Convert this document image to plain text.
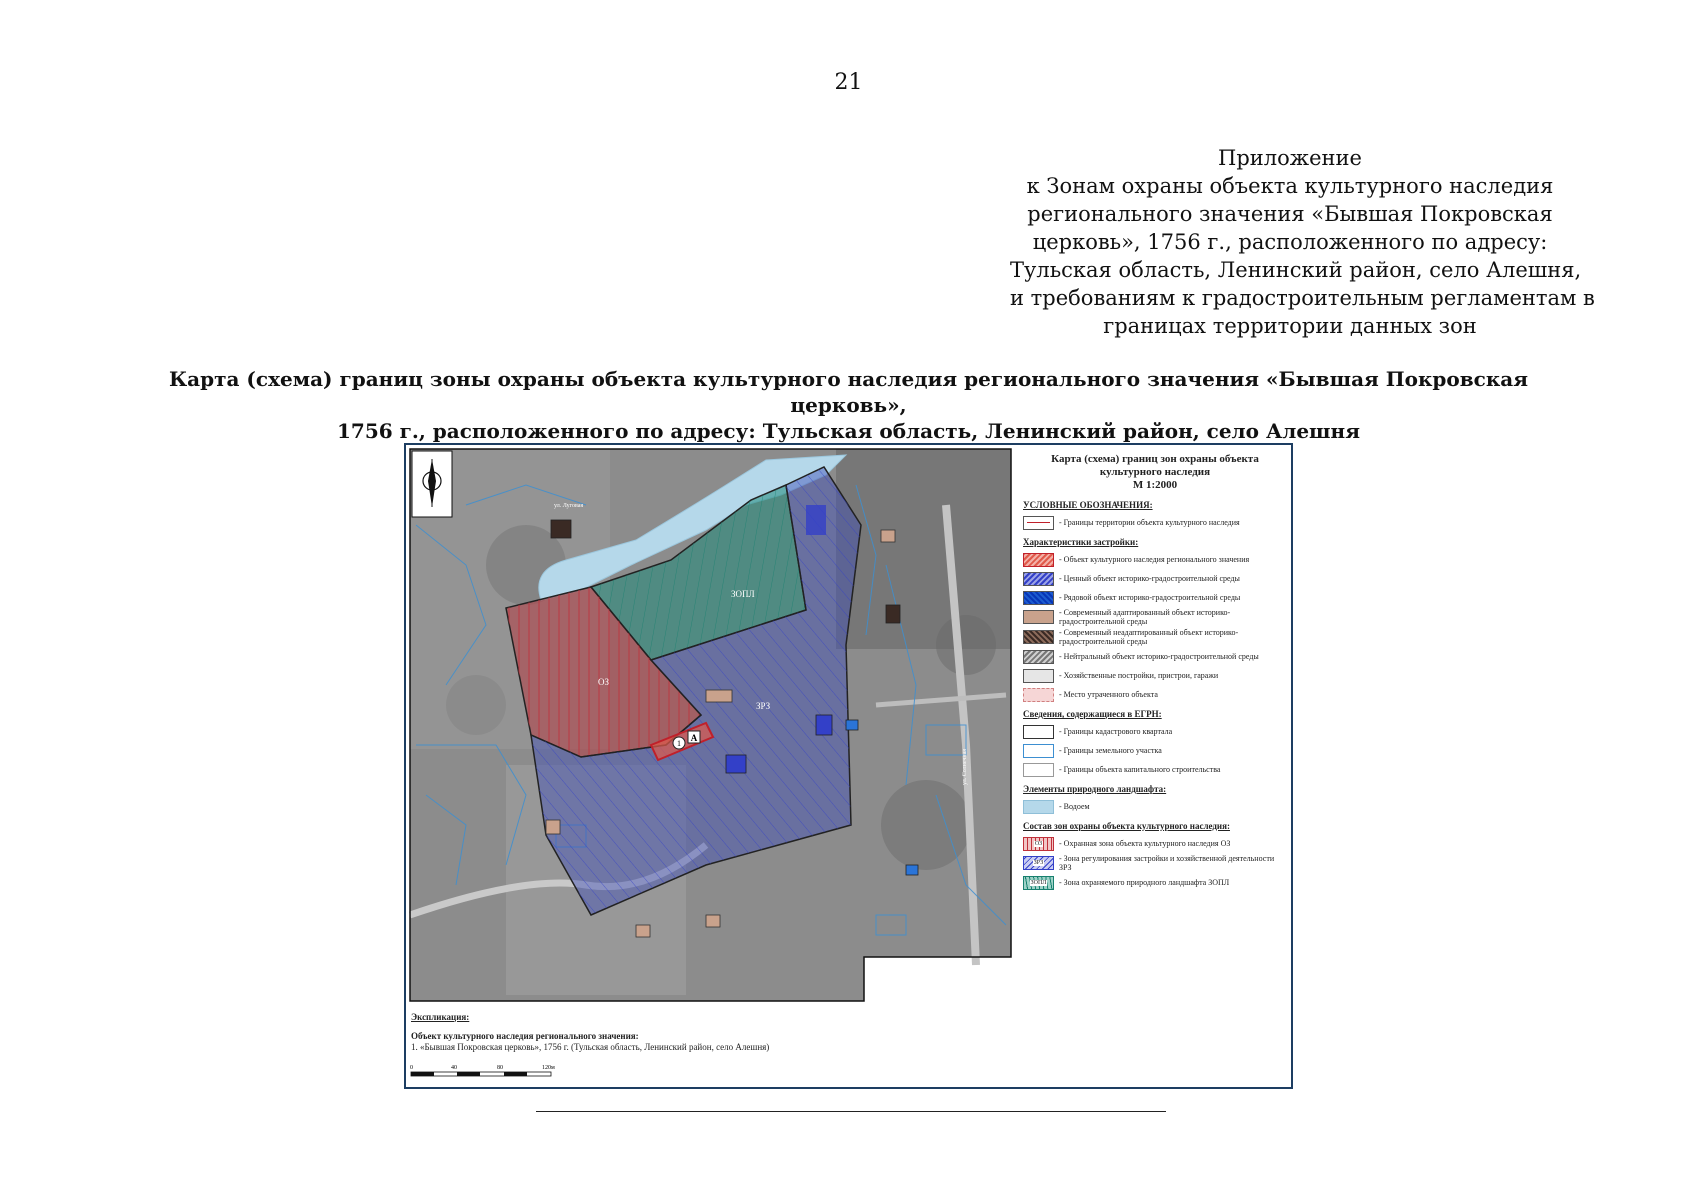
21
Приложение
к Зонам охраны объекта культурного наследия
регионального значения «Бывшая Покровская
церковь», 1756 г., расположенного по адресу:
Тульская область, Ленинский район, село Алешня,
и требованиям к градостроительным регламентам в
границах территории данных зон
Карта (схема) границ зоны охраны объекта культурного наследия регионального значения «Бывшая Покровская церковь»,
1756 г., расположенного по адресу: Тульская область, Ленинский район, село Алешня
1
А
ОЗ
ЗРЗ
ЗОПЛ
ул. Луговая
ул. Солнечная
Карта (схема) границ зон охраны объекта
культурного наследия
М 1:2000
УСЛОВНЫЕ ОБОЗНАЧЕНИЯ:
- Границы территории объекта культурного наследия
Характеристики застройки:
- Объект культурного наследия регионального значения
- Ценный объект историко-градостроительной среды
- Рядовой объект историко-градостроительной среды
- Современный адаптированный объект историко-градостроительной среды
- Современный неадаптированный объект историко-градостроительной среды
- Нейтральный объект историко-градостроительной среды
- Хозяйственные постройки, пристрои, гаражи
- Место утраченного объекта
Сведения, содержащиеся в ЕГРН:
- Границы кадастрового квартала
- Границы земельного участка
- Границы объекта капитального строительства
Элементы природного ландшафта:
- Водоем
Состав зон охраны объекта культурного наследия:
ОЗ	- Охранная зона объекта культурного наследия ОЗ
ЗРЗ	- Зона регулирования застройки и хозяйственной деятельности ЗРЗ
ЗОПЛ	- Зона охраняемого природного ландшафта ЗОПЛ
Экспликация:
Объект культурного наследия регионального значения:
1. «Бывшая Покровская церковь», 1756 г. (Тульская область, Ленинский район, село Алешня)
0	40	80	120м
